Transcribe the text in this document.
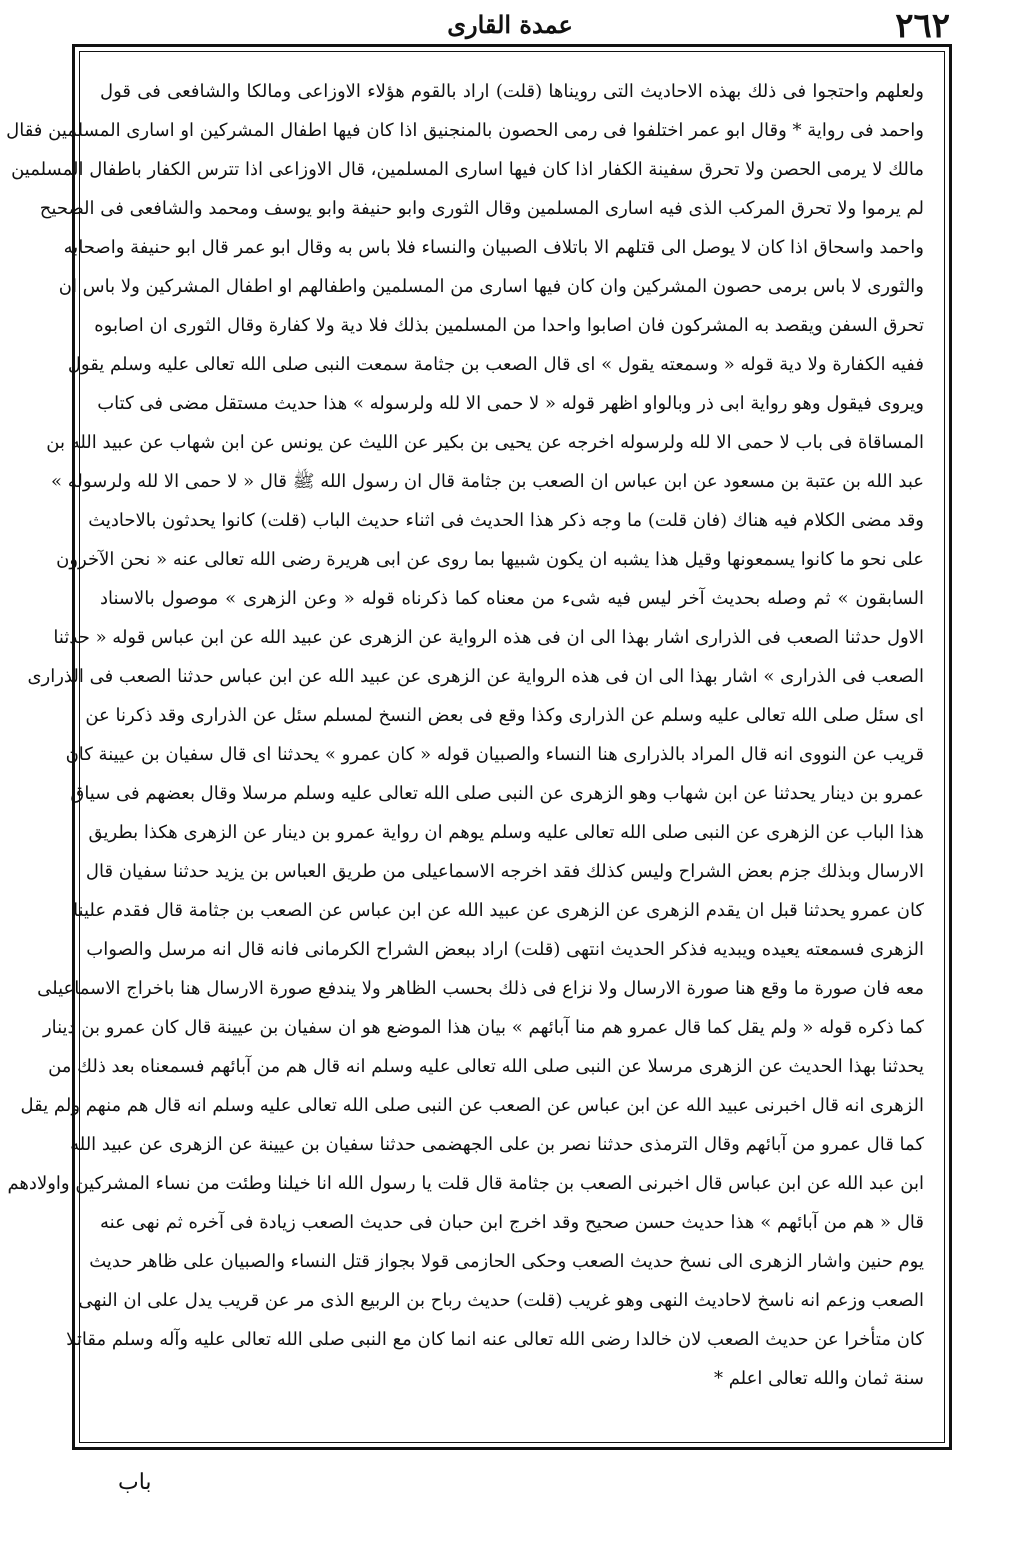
٢٦٢
عمدة القاری
ولعلهم واحتجوا فی ذلك بهذه الاحادیث التی رویناها (قلت) اراد بالقوم هؤلاء الاوزاعی ومالکا والشافعی فی قول
واحمد فی روایة * وقال ابو عمر اختلفوا فی رمی الحصون بالمنجنیق اذا کان فیها اطفال المشرکین او اساری المسلمین فقال
مالك لا یرمی الحصن ولا تحرق سفینة الکفار اذا کان فیها اساری المسلمین، قال الاوزاعی اذا تترس الکفار باطفال المسلمین
لم یرموا ولا تحرق المرکب الذی فیه اساری المسلمین وقال الثوری وابو حنیفة وابو یوسف ومحمد والشافعی فی الصحیح
واحمد واسحاق اذا کان لا یوصل الی قتلهم الا باتلاف الصبیان والنساء فلا باس به وقال ابو عمر قال ابو حنیفة واصحابه
والثوری لا باس برمی حصون المشرکین وان کان فیها اساری من المسلمین واطفالهم او اطفال المشرکین ولا باس ان
تحرق السفن ویقصد به المشرکون فان اصابوا واحدا من المسلمین بذلك فلا دیة ولا کفارة وقال الثوری ان اصابوه
ففیه الکفارة ولا دیة قوله « وسمعته یقول » ای قال الصعب بن جثامة سمعت النبی صلی الله تعالی علیه وسلم یقول
ویروی فیقول وهو روایة ابی ذر وبالواو اظهر قوله « لا حمی الا لله ولرسوله » هذا حدیث مستقل مضی فی کتاب
المساقاة فی باب لا حمی الا لله ولرسوله اخرجه عن یحیی بن بکیر عن اللیث عن یونس عن ابن شهاب عن عبید الله بن
عبد الله بن عتبة بن مسعود عن ابن عباس ان الصعب بن جثامة قال ان رسول الله ﷺ قال « لا حمی الا لله ولرسوله »
وقد مضی الکلام فیه هناك (فان قلت) ما وجه ذکر هذا الحدیث فی اثناء حدیث الباب (قلت) کانوا یحدثون بالاحادیث
علی نحو ما کانوا یسمعونها وقیل هذا یشبه ان یکون شبیها بما روی عن ابی هریرة رضی الله تعالی عنه « نحن الآخرون
السابقون » ثم وصله بحدیث آخر لیس فیه شیء من معناه کما ذکرناه قوله « وعن الزهری » موصول بالاسناد
الاول حدثنا الصعب فی الذراری اشار بهذا الی ان فی هذه الروایة عن الزهری عن عبید الله عن ابن عباس قوله « حدثنا
الصعب فی الذراری » اشار بهذا الی ان فی هذه الروایة عن الزهری عن عبید الله عن ابن عباس حدثنا الصعب فی الذراری
ای سئل صلی الله تعالی علیه وسلم عن الذراری وکذا وقع فی بعض النسخ لمسلم سئل عن الذراری وقد ذکرنا عن
قریب عن النووی انه قال المراد بالذراری هنا النساء والصبیان قوله « کان عمرو » یحدثنا ای قال سفیان بن عیینة کان
عمرو بن دینار یحدثنا عن ابن شهاب وهو الزهری عن النبی صلی الله تعالی علیه وسلم مرسلا وقال بعضهم فی سیاق
هذا الباب عن الزهری عن النبی صلی الله تعالی علیه وسلم یوهم ان روایة عمرو بن دینار عن الزهری هکذا بطریق
الارسال وبذلك جزم بعض الشراح ولیس کذلك فقد اخرجه الاسماعیلی من طریق العباس بن یزید حدثنا سفیان قال
کان عمرو یحدثنا قبل ان یقدم الزهری عن الزهری عن عبید الله عن ابن عباس عن الصعب بن جثامة قال فقدم علینا
الزهری فسمعته یعیده ویبدیه فذکر الحدیث انتهی (قلت) اراد ببعض الشراح الکرمانی فانه قال انه مرسل والصواب
معه فان صورة ما وقع هنا صورة الارسال ولا نزاع فی ذلك بحسب الظاهر ولا یندفع صورة الارسال هنا باخراج الاسماعیلی
کما ذکره قوله « ولم یقل کما قال عمرو هم منا آبائهم » بیان هذا الموضع هو ان سفیان بن عیینة قال کان عمرو بن دینار
یحدثنا بهذا الحدیث عن الزهری مرسلا عن النبی صلی الله تعالی علیه وسلم انه قال هم من آبائهم فسمعناه بعد ذلك من
الزهری انه قال اخبرنی عبید الله عن ابن عباس عن الصعب عن النبی صلی الله تعالی علیه وسلم انه قال هم منهم ولم یقل
کما قال عمرو من آبائهم وقال الترمذی حدثنا نصر بن علی الجهضمی حدثنا سفیان بن عیینة عن الزهری عن عبید الله
ابن عبد الله عن ابن عباس قال اخبرنی الصعب بن جثامة قال قلت یا رسول الله انا خیلنا وطئت من نساء المشرکین واولادهم
قال « هم من آبائهم » هذا حدیث حسن صحیح وقد اخرج ابن حبان فی حدیث الصعب زیادة فی آخره ثم نهی عنه
یوم حنین واشار الزهری الی نسخ حدیث الصعب وحکی الحازمی قولا بجواز قتل النساء والصبیان علی ظاهر حدیث
الصعب وزعم انه ناسخ لاحادیث النهی وهو غریب (قلت) حدیث رباح بن الربیع الذی مر عن قریب یدل علی ان النهی
کان متأخرا عن حدیث الصعب لان خالدا رضی الله تعالی عنه انما کان مع النبی صلی الله تعالی علیه وآله وسلم مقاتلا
سنة ثمان والله تعالی اعلم *
باب
